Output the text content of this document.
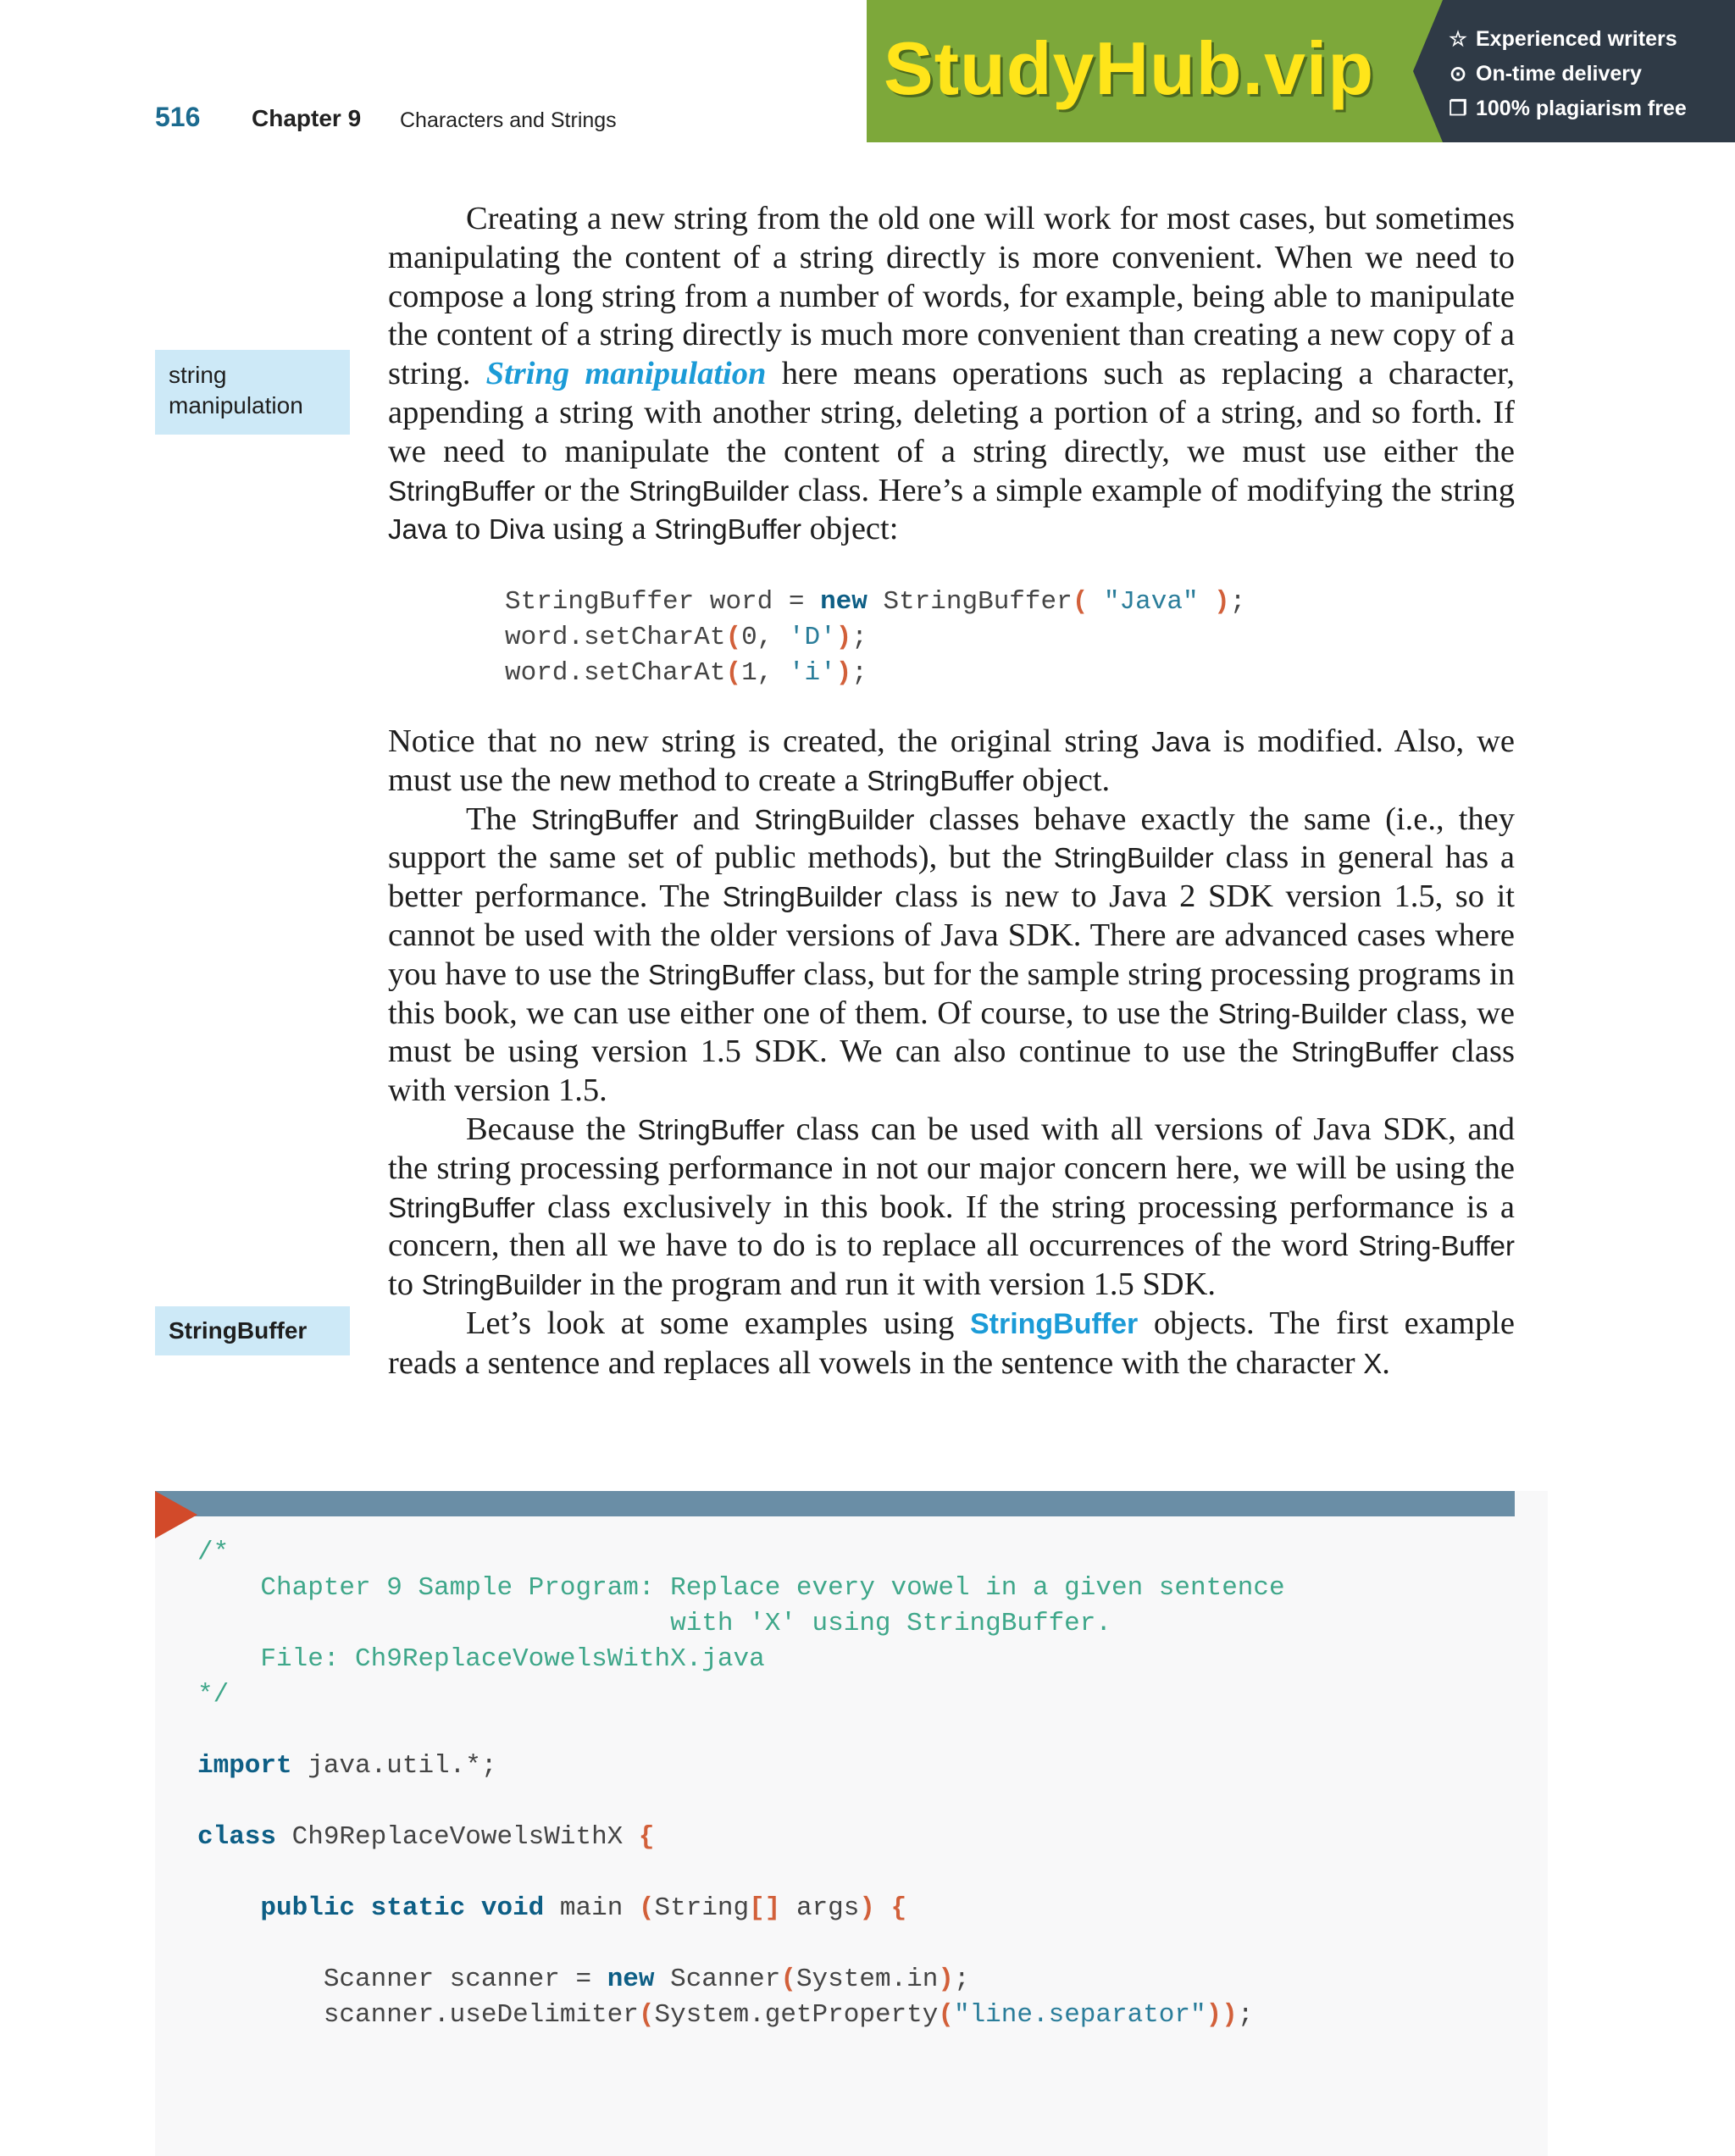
516 Chapter 9 Characters and Strings
StudyHub.vip	☆ Experienced writers
⊙ On-time delivery
❐ 100% plagiarism free
string manipulation
StringBuffer

Creating a new string from the old one will work for most cases, but sometimes manipulating the content of a string directly is more convenient. When we need to compose a long string from a number of words, for example, being able to manipulate the content of a string directly is much more convenient than creating a new copy of a string. String manipulation here means operations such as replacing a character, appending a string with another string, deleting a portion of a string, and so forth. If we need to manipulate the content of a string directly, we must use either the StringBuffer or the StringBuilder class. Here’s a simple example of modifying the string Java to Diva using a StringBuffer object:

StringBuffer word = new StringBuffer( "Java" );
word.setCharAt(0, 'D');
word.setCharAt(1, 'i');

Notice that no new string is created, the original string Java is modified. Also, we must use the new method to create a StringBuffer object.

The StringBuffer and StringBuilder classes behave exactly the same (i.e., they support the same set of public methods), but the StringBuilder class in general has a better performance. The StringBuilder class is new to Java 2 SDK version 1.5, so it cannot be used with the older versions of Java SDK. There are advanced cases where you have to use the StringBuffer class, but for the sample string processing programs in this book, we can use either one of them. Of course, to use the String-Builder class, we must be using version 1.5 SDK. We can also continue to use the StringBuffer class with version 1.5.

Because the StringBuffer class can be used with all versions of Java SDK, and the string processing performance in not our major concern here, we will be using the StringBuffer class exclusively in this book. If the string processing performance is a concern, then all we have to do is to replace all occurrences of the word String-Buffer to StringBuilder in the program and run it with version 1.5 SDK.

Let’s look at some examples using StringBuffer objects. The first example reads a sentence and replaces all vowels in the sentence with the character X.

/*
Chapter 9 Sample Program: Replace every vowel in a given sentence
with 'X' using StringBuffer.
File: Ch9ReplaceVowelsWithX.java
*/

import java.util.*;

class Ch9ReplaceVowelsWithX {

public static void main (String[] args) {

Scanner scanner = new Scanner(System.in);
scanner.useDelimiter(System.getProperty("line.separator"));
